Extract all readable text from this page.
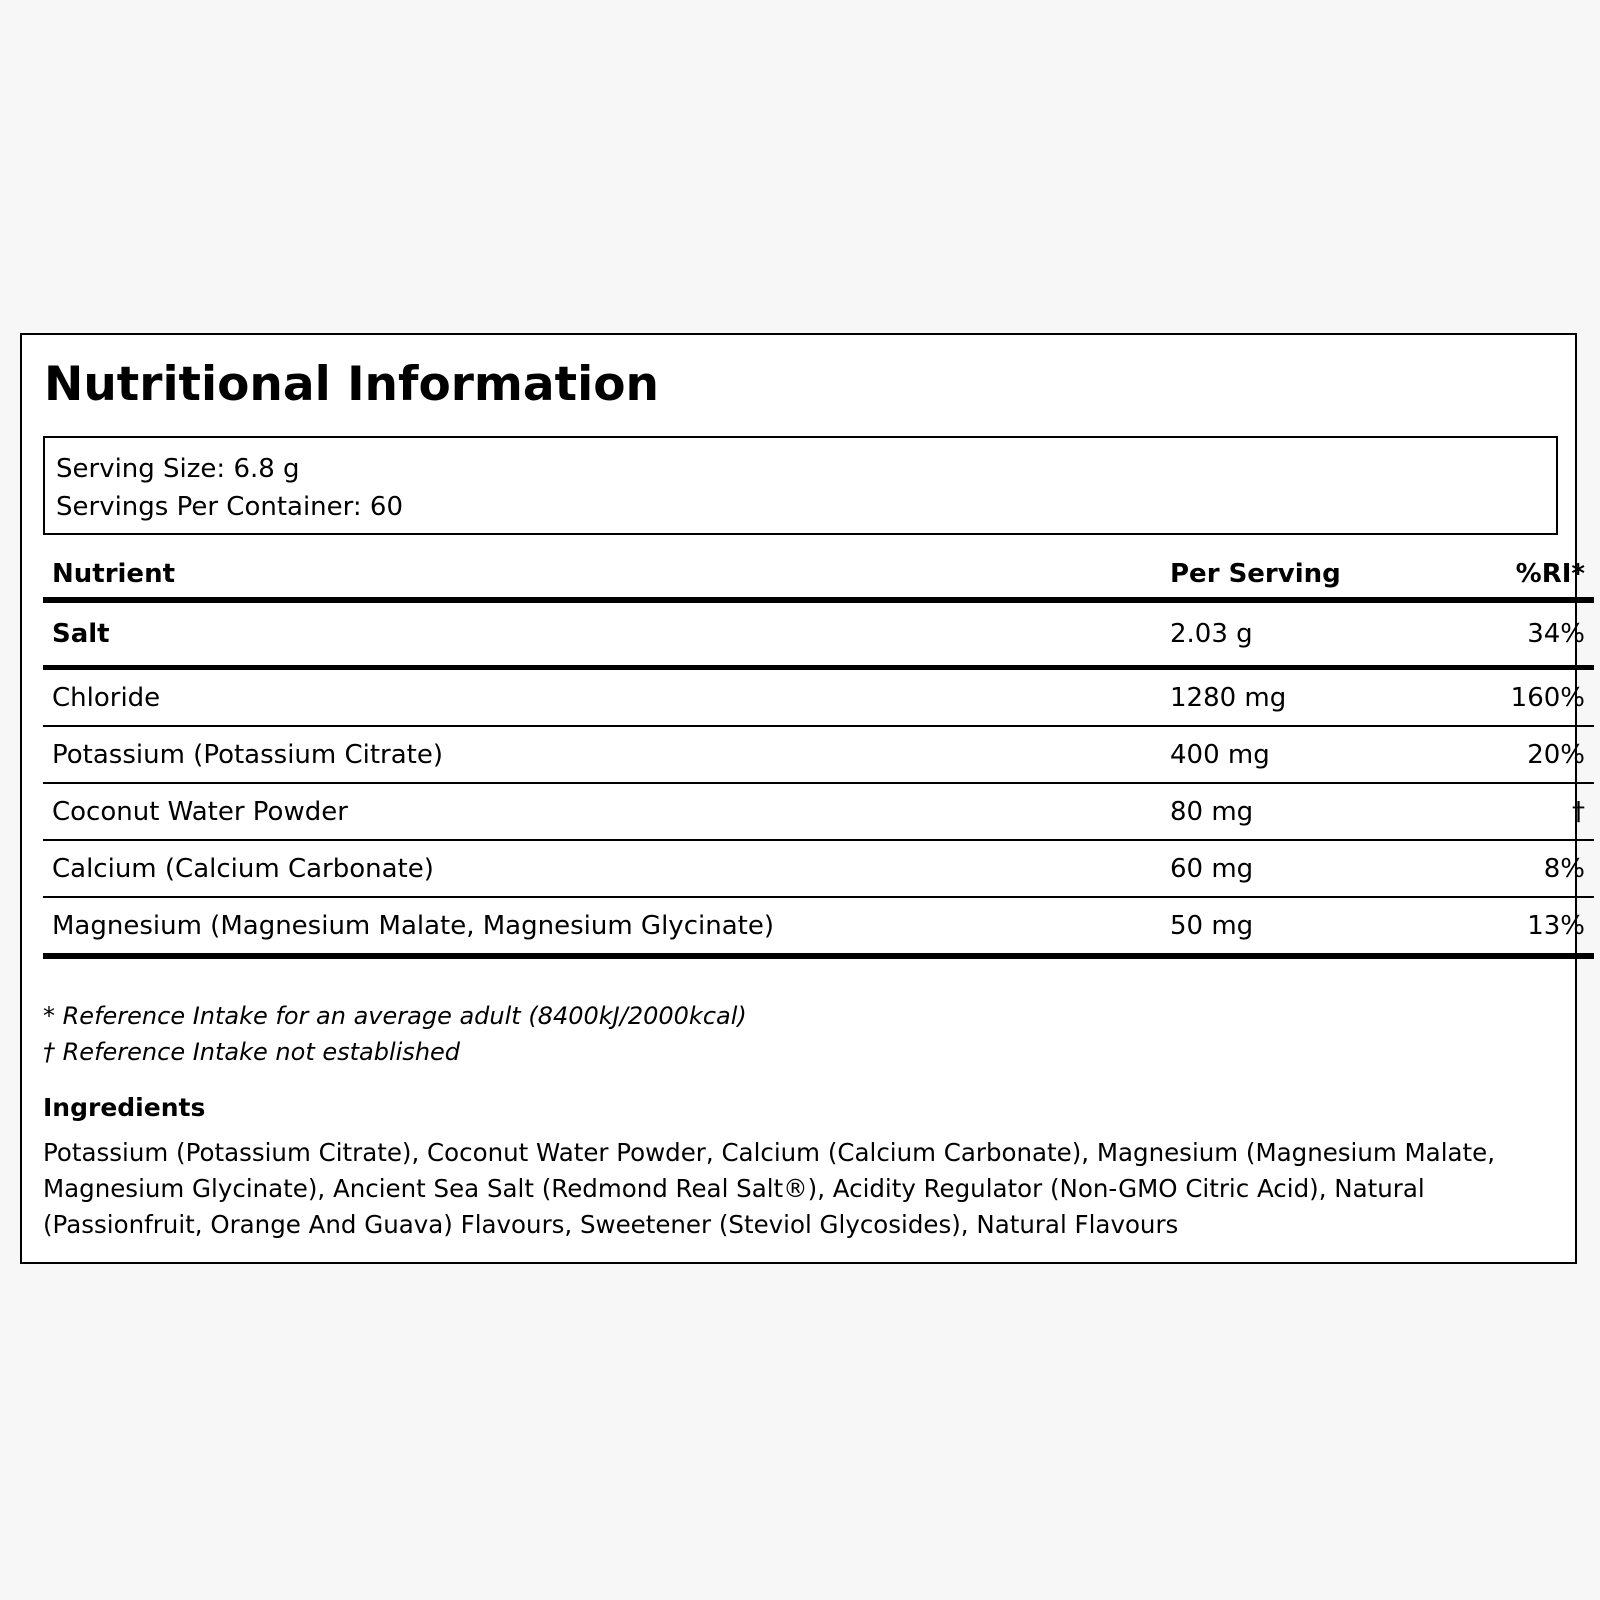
Nutritional Information
Serving Size: 6.8 g
Servings Per Container: 60
Nutrient	Per Serving	%RI*
Salt	2.03 g	34%
Chloride	1280 mg	160%
Potassium (Potassium Citrate)	400 mg	20%
Coconut Water Powder	80 mg	†
Calcium (Calcium Carbonate)	60 mg	8%
Magnesium (Magnesium Malate, Magnesium Glycinate)	50 mg	13%
* Reference Intake for an average adult (8400kJ/2000kcal)
† Reference Intake not established
Ingredients

Potassium (Potassium Citrate), Coconut Water Powder, Calcium (Calcium Carbonate), Magnesium (Magnesium Malate, Magnesium Glycinate), Ancient Sea Salt (Redmond Real Salt®), Acidity Regulator (Non-GMO Citric Acid), Natural (Passionfruit, Orange And Guava) Flavours, Sweetener (Steviol Glycosides), Natural Flavours
